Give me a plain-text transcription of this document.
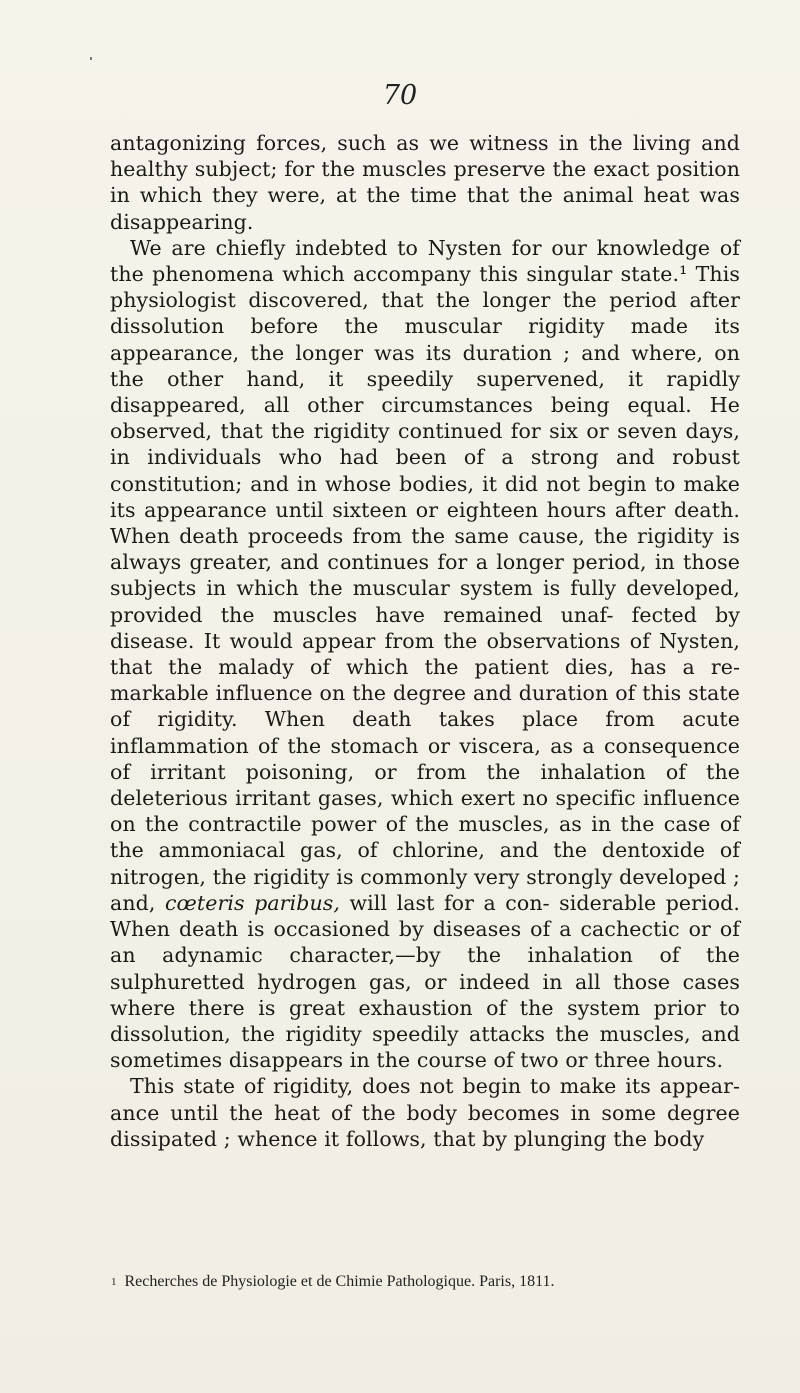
70

antagonizing forces, such as we witness in the living and healthy subject; for the muscles preserve the exact position in which they were, at the time that the animal heat was disappearing.

We are chiefly indebted to Nysten for our knowledge of the phenomena which accompany this singular state.¹ This physiologist discovered, that the longer the period after dissolution before the muscular rigidity made its appearance, the longer was its duration ; and where, on the other hand, it speedily supervened, it rapidly disappeared, all other circumstances being equal. He observed, that the rigidity continued for six or seven days, in individuals who had been of a strong and robust constitution; and in whose bodies, it did not begin to make its appearance until sixteen or eighteen hours after death. When death proceeds from the same cause, the rigidity is always greater, and continues for a longer period, in those subjects in which the muscular system is fully developed, provided the muscles have remained unaf- fected by disease. It would appear from the observations of Nysten, that the malady of which the patient dies, has a re- markable influence on the degree and duration of this state of rigidity. When death takes place from acute inflammation of the stomach or viscera, as a consequence of irritant poisoning, or from the inhalation of the deleterious irritant gases, which exert no specific influence on the contractile power of the muscles, as in the case of the ammoniacal gas, of chlorine, and the dentoxide of nitrogen, the rigidity is commonly very strongly developed ; and, cœteris paribus, will last for a con- siderable period. When death is occasioned by diseases of a cachectic or of an adynamic character,—by the inhalation of the sulphuretted hydrogen gas, or indeed in all those cases where there is great exhaustion of the system prior to dissolution, the rigidity speedily attacks the muscles, and sometimes disappears in the course of two or three hours.

This state of rigidity, does not begin to make its appear- ance until the heat of the body becomes in some degree dissipated ; whence it follows, that by plunging the body

$^1$ Recherches de Physiologie et de Chimie Pathologique. Paris, 1811.
